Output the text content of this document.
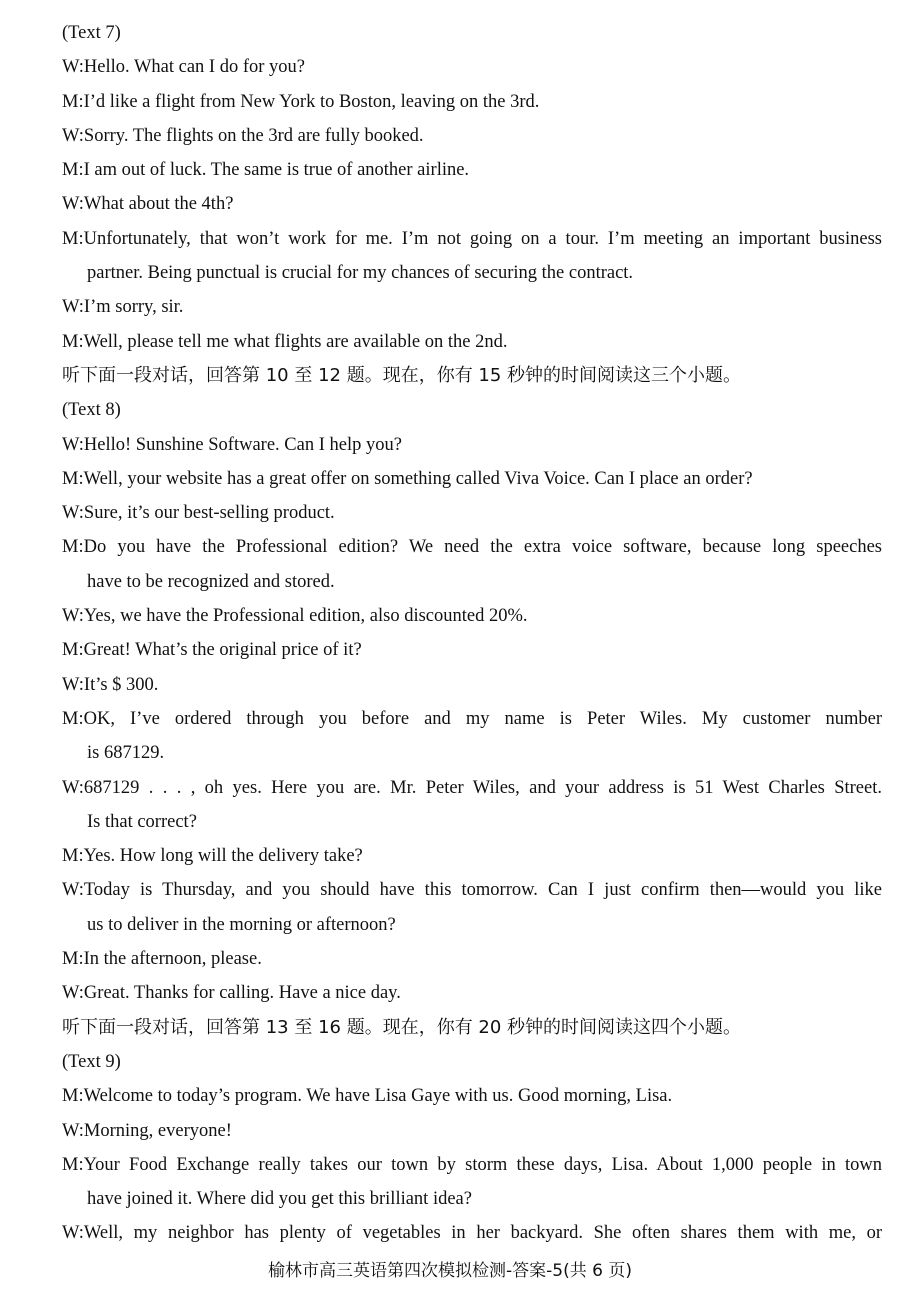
(Text 7)
W:Hello. What can I do for you?
M:I’d like a flight from New York to Boston, leaving on the 3rd.
W:Sorry. The flights on the 3rd are fully booked.
M:I am out of luck. The same is true of another airline.
W:What about the 4th?
M:Unfortunately, that won’t work for me. I’m not going on a tour. I’m meeting an important business
partner. Being punctual is crucial for my chances of securing the contract.
W:I’m sorry, sir.
M:Well, please tell me what flights are available on the 2nd.
听下面一段对话，回答第 10 至 12 题。现在，你有 15 秒钟的时间阅读这三个小题。
(Text 8)
W:Hello! Sunshine Software. Can I help you?
M:Well, your website has a great offer on something called Viva Voice. Can I place an order?
W:Sure, it’s our best-selling product.
M:Do you have the Professional edition? We need the extra voice software, because long speeches
have to be recognized and stored.
W:Yes, we have the Professional edition, also discounted 20%.
M:Great! What’s the original price of it?
W:It’s $ 300.
M:OK, I’ve ordered through you before and my name is Peter Wiles. My customer number
is 687129.
W:687129 . . . , oh yes. Here you are. Mr. Peter Wiles, and your address is 51 West Charles Street.
Is that correct?
M:Yes. How long will the delivery take?
W:Today is Thursday, and you should have this tomorrow. Can I just confirm then—would you like
us to deliver in the morning or afternoon?
M:In the afternoon, please.
W:Great. Thanks for calling. Have a nice day.
听下面一段对话，回答第 13 至 16 题。现在，你有 20 秒钟的时间阅读这四个小题。
(Text 9)
M:Welcome to today’s program. We have Lisa Gaye with us. Good morning, Lisa.
W:Morning, everyone!
M:Your Food Exchange really takes our town by storm these days, Lisa. About 1,000 people in town
have joined it. Where did you get this brilliant idea?
W:Well, my neighbor has plenty of vegetables in her backyard. She often shares them with me, or
榆林市高三英语第四次模拟检测-答案-5(共 6 页)
